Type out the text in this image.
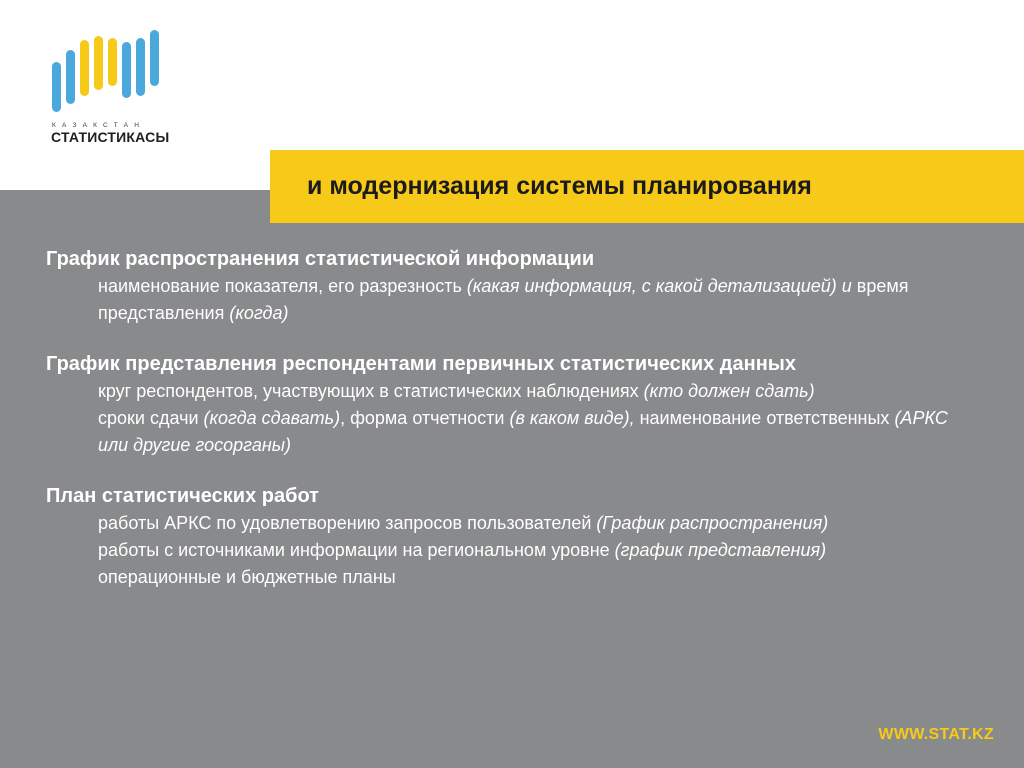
КАЗАКСТАН
СТАТИСТИКАСЫ
и модернизация системы планирования
График распространения статистической информации
наименование показателя, его разрезность (какая информация, с какой детализацией) и время представления (когда)
График представления респондентами первичных статистических данных
круг респондентов, участвующих в статистических наблюдениях (кто должен сдать)
сроки сдачи (когда сдавать), форма отчетности (в каком виде), наименование ответственных (АРКС или другие госорганы)
План статистических работ
работы АРКС по удовлетворению запросов пользователей (График распространения)
работы с источниками информации на региональном уровне (график представления)
операционные и бюджетные планы
WWW.STAT.KZ
